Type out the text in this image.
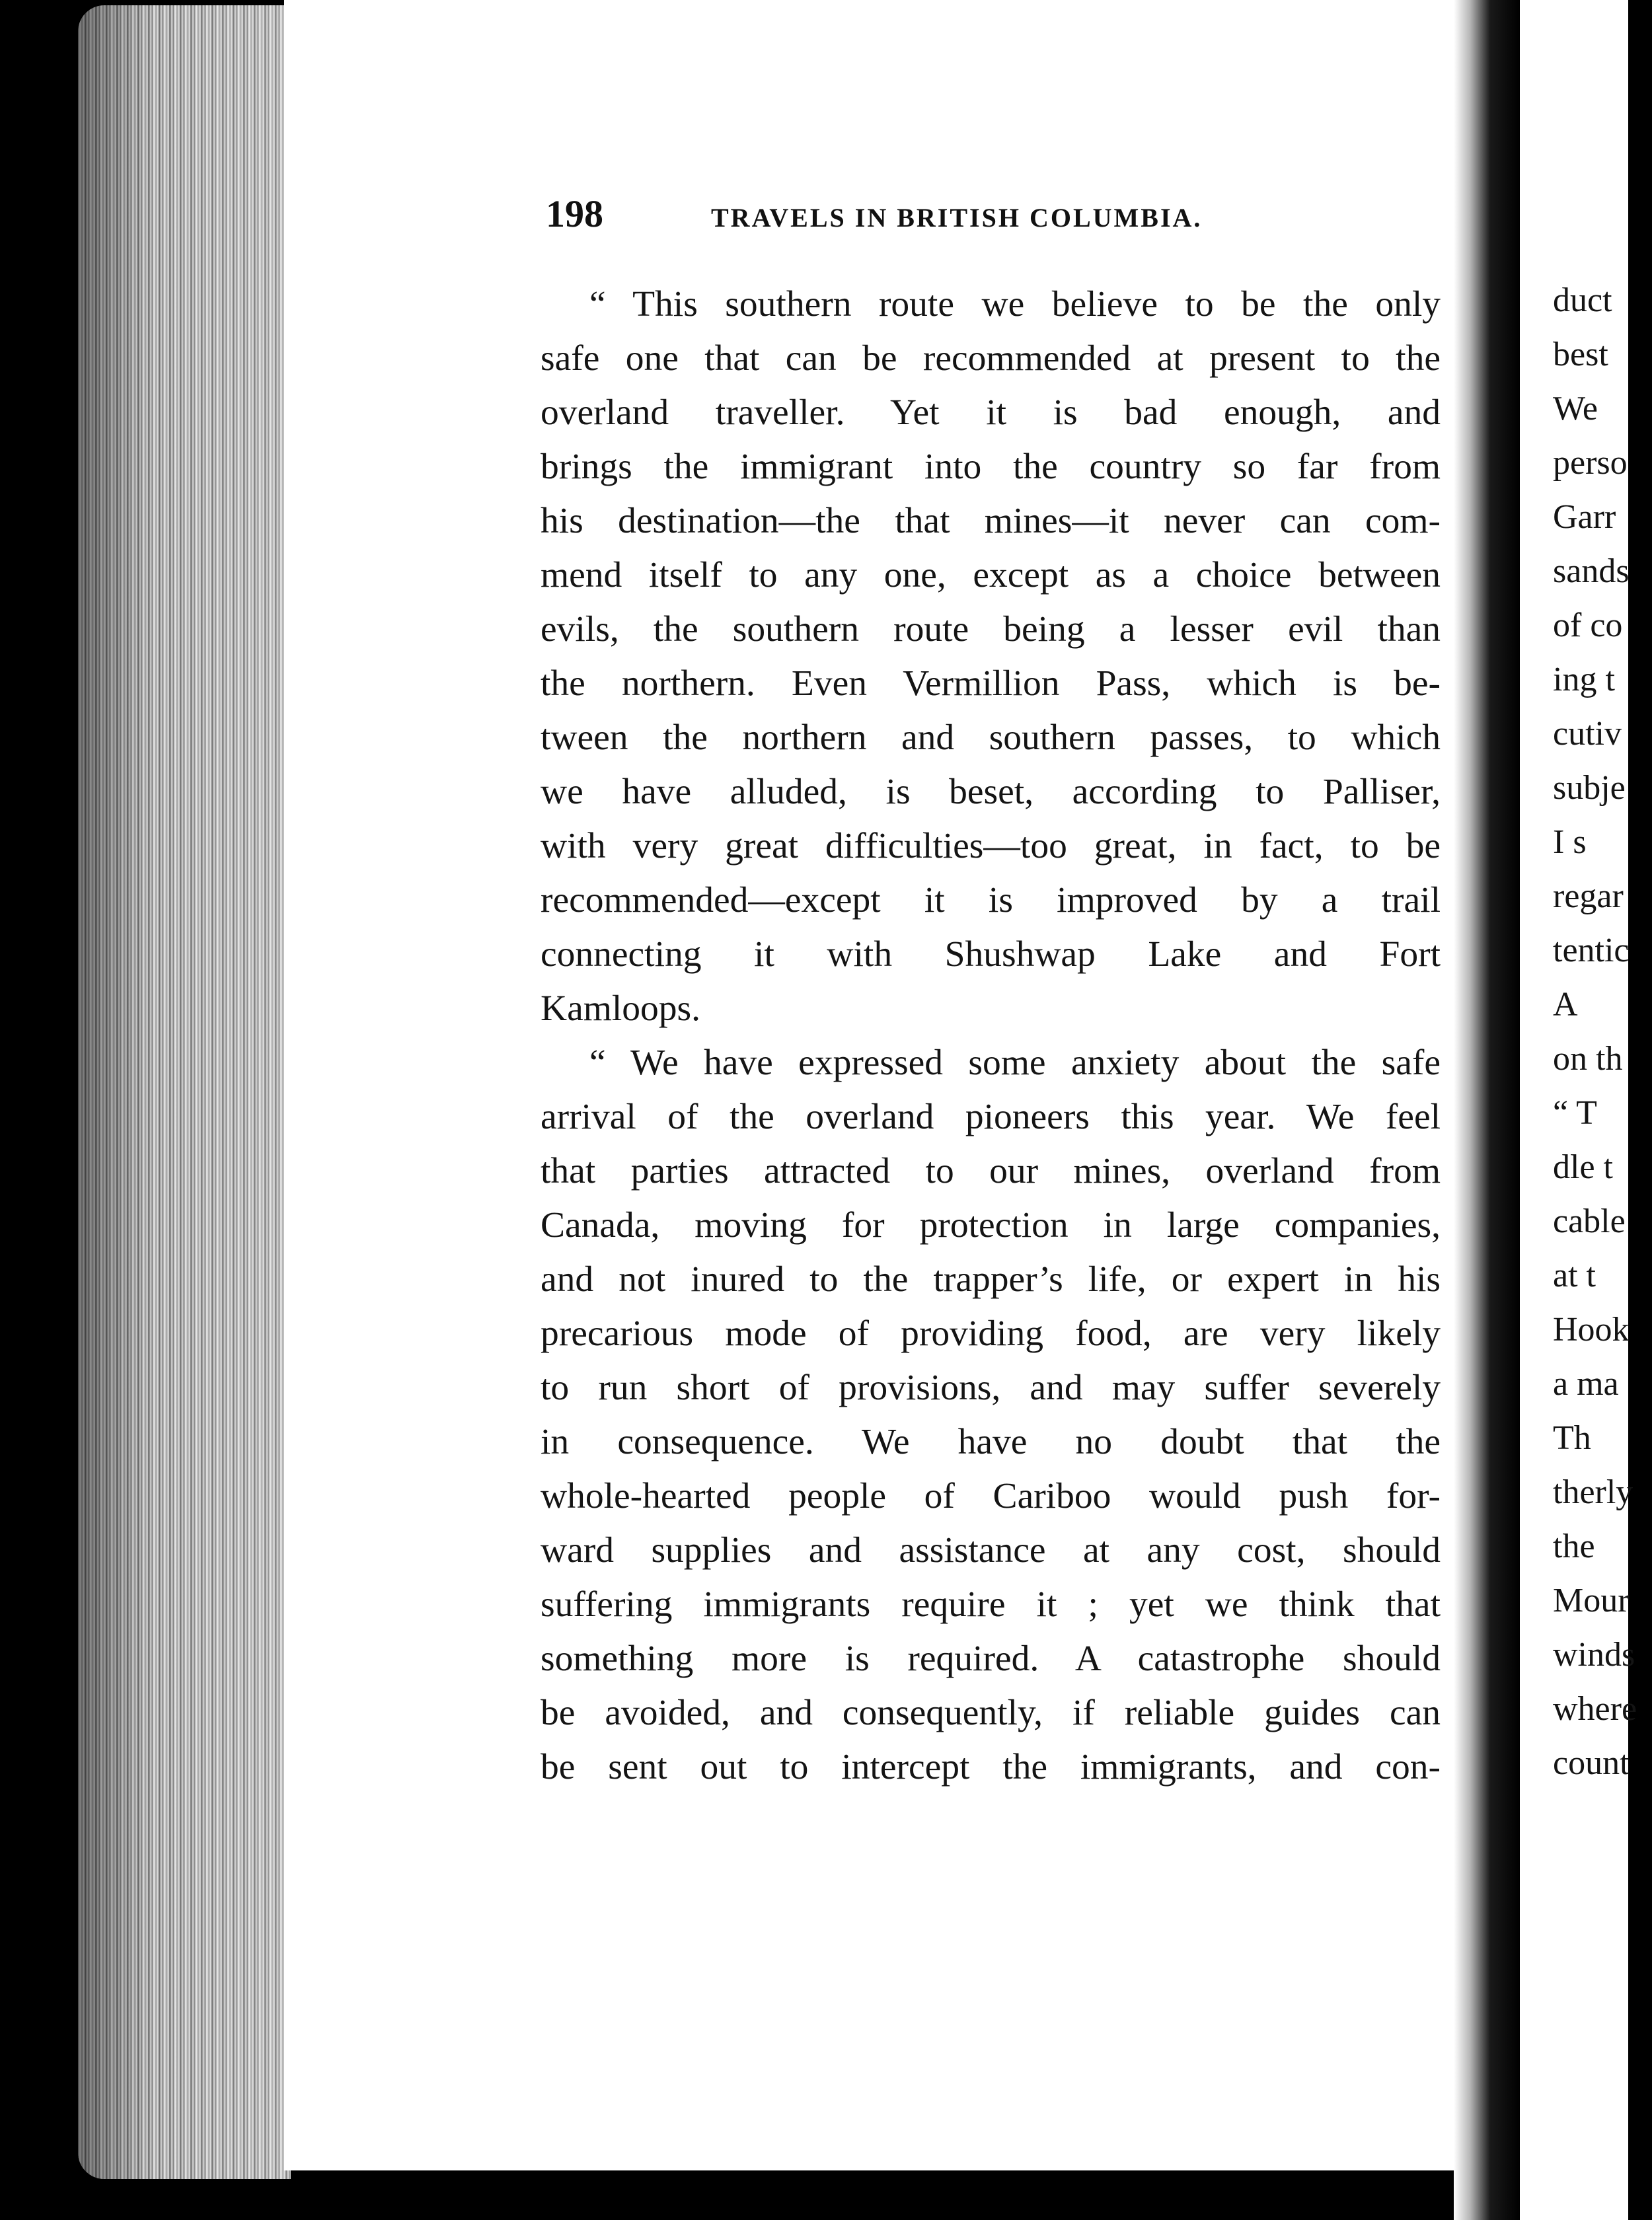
198	TRAVELS IN BRITISH COLUMBIA.
“ This southern route we believe to be the only
safe one that can be recommended at present to the
overland traveller. Yet it is bad enough, and
brings the immigrant into the country so far from
his destination—the that mines—it never can com-
mend itself to any one, except as a choice between
evils, the southern route being a lesser evil than
the northern. Even Vermillion Pass, which is be-
tween the northern and southern passes, to which
we have alluded, is beset, according to Palliser,
with very great difficulties—too great, in fact, to be
recommended—except it is improved by a trail
connecting it with Shushwap Lake and Fort
Kamloops.
“ We have expressed some anxiety about the safe
arrival of the overland pioneers this year. We feel
that parties attracted to our mines, overland from
Canada, moving for protection in large companies,
and not inured to the trapper’s life, or expert in his
precarious mode of providing food, are very likely
to run short of provisions, and may suffer severely
in consequence. We have no doubt that the
whole-hearted people of Cariboo would push for-
ward supplies and assistance at any cost, should
suffering immigrants require it ; yet we think that
something more is required. A catastrophe should
be avoided, and consequently, if reliable guides can
be sent out to intercept the immigrants, and con-
duct
best
We
perso
Garr
sands
of co
ing t
cutiv
subje
I s
regar
tentic
A
on th
“ T
dle t
cable
at t
Hook
a ma
Th
therly
the
Mour
winds
where
count
